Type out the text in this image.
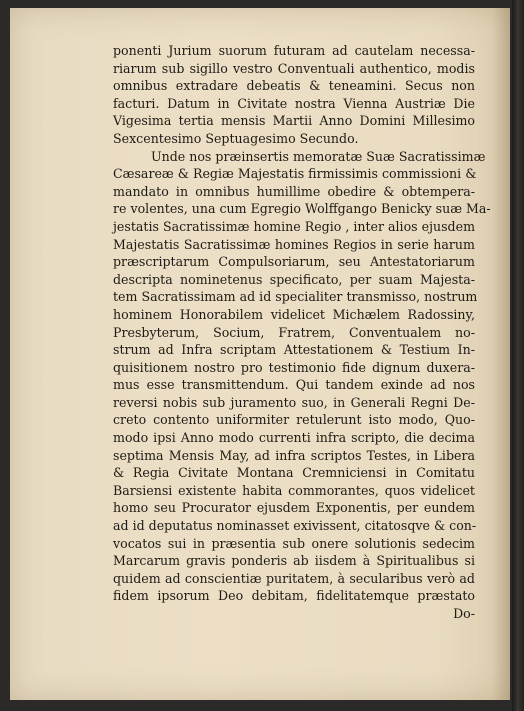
ponenti Jurium suorum futuram ad cautelam necessa-
riarum sub sigillo vestro Conventuali authentico, modis
omnibus extradare debeatis & teneamini. Secus non
facturi. Datum in Civitate nostra Vienna Austriæ Die
Vigesima tertia mensis Martii Anno Domini Millesimo
Sexcentesimo Septuagesimo Secundo.
Unde nos præinsertis memoratæ Suæ Sacratissimæ
Cæsareæ & Regiæ Majestatis firmissimis commissioni &
mandato in omnibus humillime obedire & obtempera-
re volentes, una cum Egregio Wolffgango Benicky suæ Ma-
jestatis Sacratissimæ homine Regio , inter alios ejusdem
Majestatis Sacratissimæ homines Regios in serie harum
præscriptarum Compulsoriarum, seu Antestatoriarum
descripta nominetenus specificato, per suam Majesta-
tem Sacratissimam ad id specialiter transmisso, nostrum
hominem Honorabilem videlicet Michælem Radossiny,
Presbyterum, Socium, Fratrem, Conventualem no-
strum ad Infra scriptam Attestationem & Testium In-
quisitionem nostro pro testimonio fide dignum duxera-
mus esse transmittendum. Qui tandem exinde ad nos
reversi nobis sub juramento suo, in Generali Regni De-
creto contento uniformiter retulerunt isto modo, Quo-
modo ipsi Anno modo currenti infra scripto, die decima
septima Mensis May, ad infra scriptos Testes, in Libera
& Regia Civitate Montana Cremniciensi in Comitatu
Barsiensi existente habita commorantes, quos videlicet
homo seu Procurator ejusdem Exponentis, per eundem
ad id deputatus nominasset exivissent, citatosqve & con-
vocatos sui in præsentia sub onere solutionis sedecim
Marcarum gravis ponderis ab iisdem à Spiritualibus si
quidem ad conscientiæ puritatem, à secularibus verò ad
fidem ipsorum Deo debitam, fidelitatemque præstato
Do-
